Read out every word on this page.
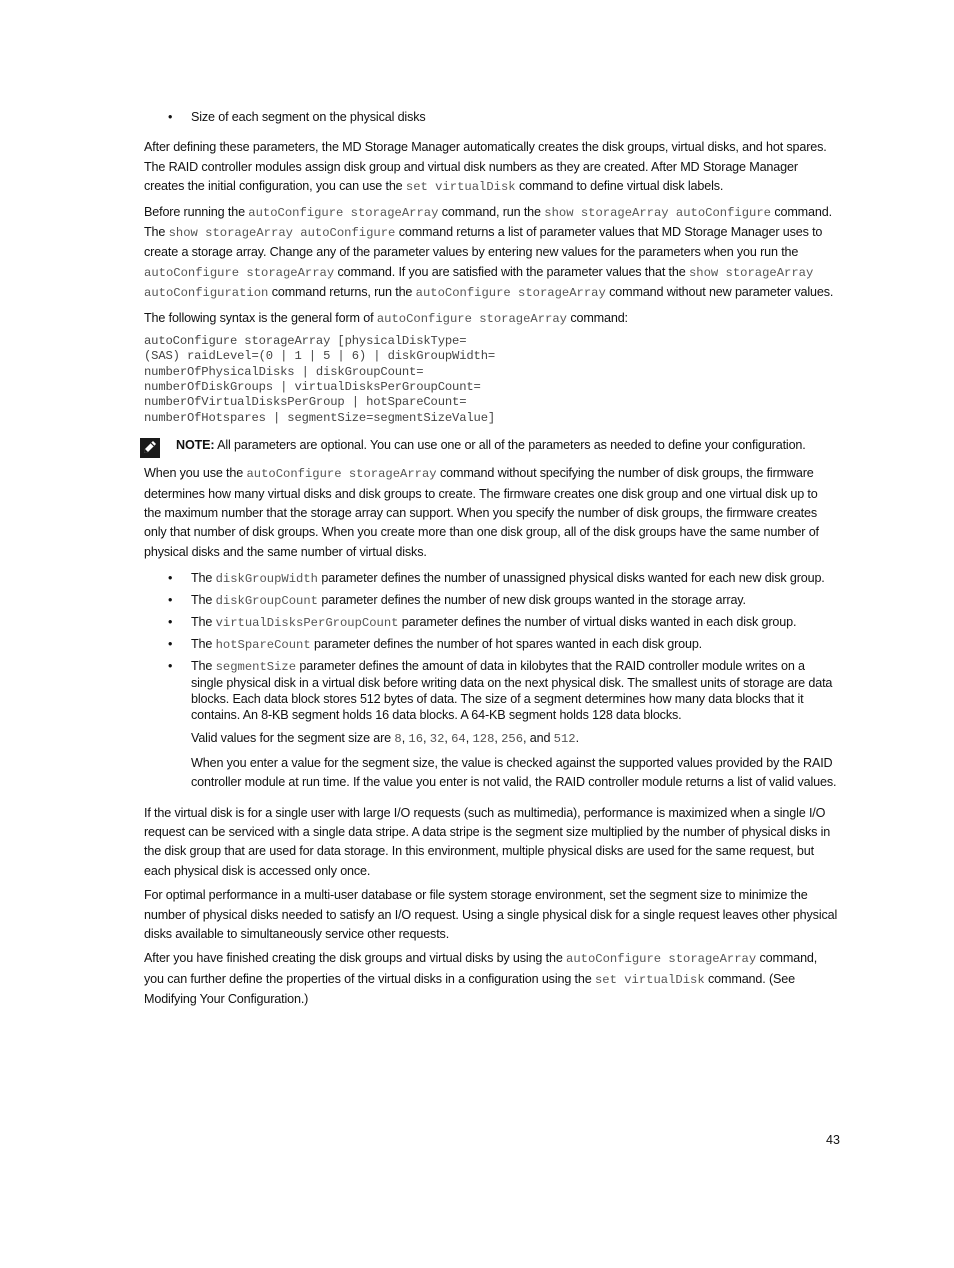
• Size of each segment on the physical disks

After defining these parameters, the MD Storage Manager automatically creates the disk groups, virtual disks, and hot spares. The RAID controller modules assign disk group and virtual disk numbers as they are created. After MD Storage Manager creates the initial configuration, you can use the set virtualDisk command to define virtual disk labels.

Before running the autoConfigure storageArray command, run the show storageArray autoConfigure command. The show storageArray autoConfigure command returns a list of parameter values that MD Storage Manager uses to create a storage array. Change any of the parameter values by entering new values for the parameters when you run the autoConfigure storageArray command. If you are satisfied with the parameter values that the show storageArray autoConfiguration command returns, run the autoConfigure storageArray command without new parameter values.

The following syntax is the general form of autoConfigure storageArray command:

autoConfigure storageArray [physicalDiskType=
(SAS) raidLevel=(0 | 1 | 5 | 6) | diskGroupWidth=
numberOfPhysicalDisks | diskGroupCount=
numberOfDiskGroups | virtualDisksPerGroupCount=
numberOfVirtualDisksPerGroup | hotSpareCount=
numberOfHotspares | segmentSize=segmentSizeValue]
NOTE: All parameters are optional. You can use one or all of the parameters as needed to define your configuration.

When you use the autoConfigure storageArray command without specifying the number of disk groups, the firmware determines how many virtual disks and disk groups to create. The firmware creates one disk group and one virtual disk up to the maximum number that the storage array can support. When you specify the number of disk groups, the firmware creates only that number of disk groups. When you create more than one disk group, all of the disk groups have the same number of physical disks and the same number of virtual disks.

• The diskGroupWidth parameter defines the number of unassigned physical disks wanted for each new disk group.
• The diskGroupCount parameter defines the number of new disk groups wanted in the storage array.
• The virtualDisksPerGroupCount parameter defines the number of virtual disks wanted in each disk group.
• The hotSpareCount parameter defines the number of hot spares wanted in each disk group.
• The segmentSize parameter defines the amount of data in kilobytes that the RAID controller module writes on a single physical disk in a virtual disk before writing data on the next physical disk. The smallest units of storage are data blocks. Each data block stores 512 bytes of data. The size of a segment determines how many data blocks that it contains. An 8-KB segment holds 16 data blocks. A 64-KB segment holds 128 data blocks.

Valid values for the segment size are 8, 16, 32, 64, 128, 256, and 512.

When you enter a value for the segment size, the value is checked against the supported values provided by the RAID controller module at run time. If the value you enter is not valid, the RAID controller module returns a list of valid values.

If the virtual disk is for a single user with large I/O requests (such as multimedia), performance is maximized when a single I/O request can be serviced with a single data stripe. A data stripe is the segment size multiplied by the number of physical disks in the disk group that are used for data storage. In this environment, multiple physical disks are used for the same request, but each physical disk is accessed only once.

For optimal performance in a multi-user database or file system storage environment, set the segment size to minimize the number of physical disks needed to satisfy an I/O request. Using a single physical disk for a single request leaves other physical disks available to simultaneously service other requests.

After you have finished creating the disk groups and virtual disks by using the autoConfigure storageArray command, you can further define the properties of the virtual disks in a configuration using the set virtualDisk command. (See Modifying Your Configuration.)

43
